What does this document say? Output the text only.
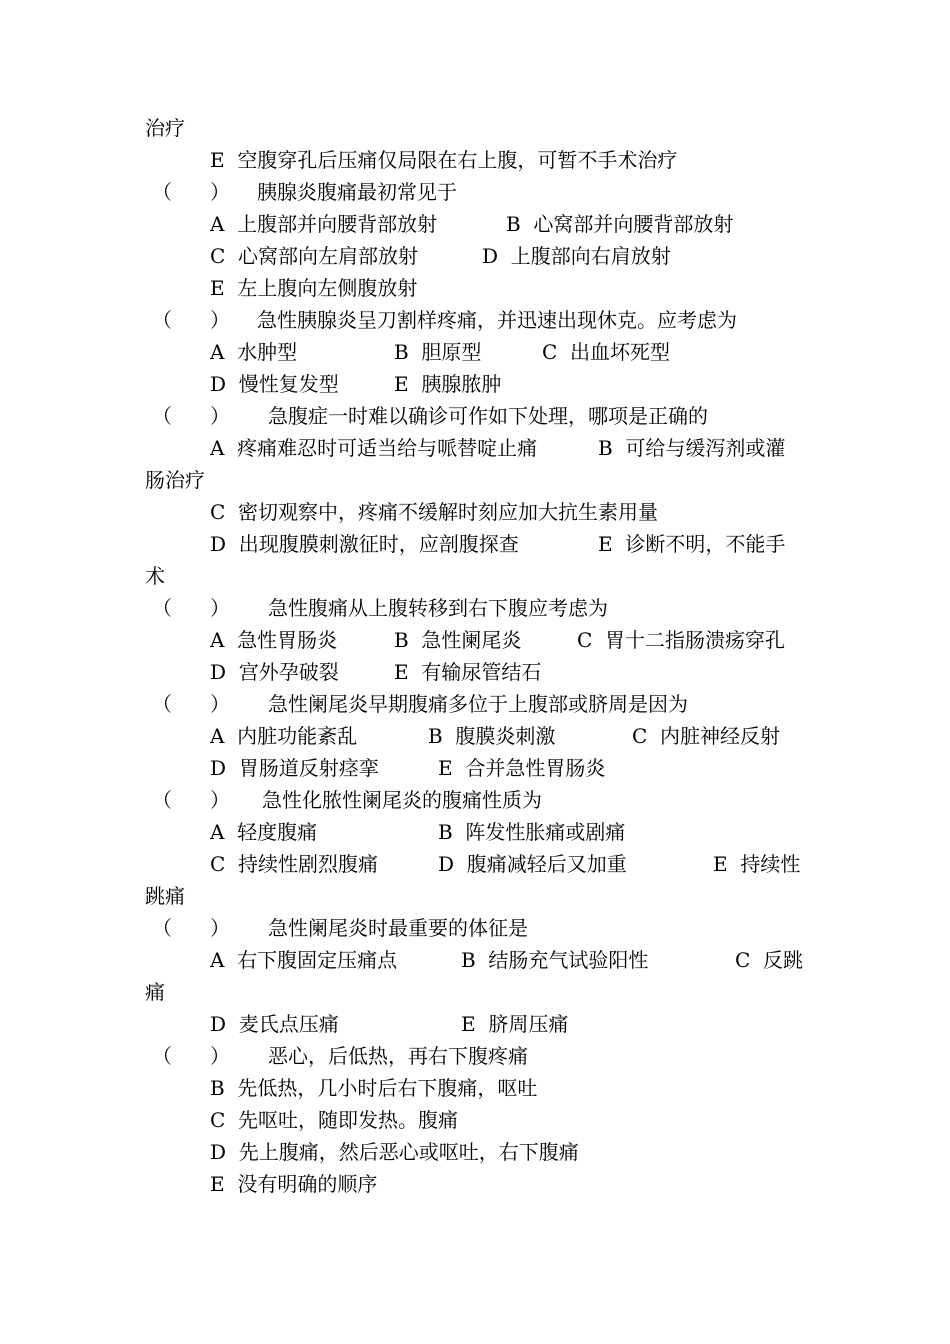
治疗
E  空腹穿孔后压痛仅局限在右上腹，可暂不手术治疗
（ ） 胰腺炎腹痛最初常见于
A  上腹部并向腰背部放射	B  心窝部并向腰背部放射
C  心窝部向左肩部放射	D  上腹部向右肩放射
E  左上腹向左侧腹放射
（ ） 急性胰腺炎呈刀割样疼痛，并迅速出现休克。应考虑为
A  水肿型	B  胆原型	C  出血坏死型
D  慢性复发型	E  胰腺脓肿
（ ） 急腹症一时难以确诊可作如下处理，哪项是正确的
A  疼痛难忍时可适当给与哌替啶止痛	B  可给与缓泻剂或灌
肠治疗
C  密切观察中，疼痛不缓解时刻应加大抗生素用量
D  出现腹膜刺激征时，应剖腹探查	E  诊断不明，不能手
术
（ ） 急性腹痛从上腹转移到右下腹应考虑为
A  急性胃肠炎	B  急性阑尾炎	C  胃十二指肠溃疡穿孔
D  宫外孕破裂	E  有输尿管结石
（ ） 急性阑尾炎早期腹痛多位于上腹部或脐周是因为
A  内脏功能紊乱	B  腹膜炎刺激	C  内脏神经反射
D  胃肠道反射痉挛	E  合并急性胃肠炎
（ ） 急性化脓性阑尾炎的腹痛性质为
A  轻度腹痛	B  阵发性胀痛或剧痛
C  持续性剧烈腹痛	D  腹痛减轻后又加重	E  持续性
跳痛
（ ） 急性阑尾炎时最重要的体征是
A  右下腹固定压痛点	B  结肠充气试验阳性	C  反跳
痛
D  麦氏点压痛	E  脐周压痛
（ ） 恶心，后低热，再右下腹疼痛
B  先低热，几小时后右下腹痛，呕吐
C  先呕吐，随即发热。腹痛
D  先上腹痛，然后恶心或呕吐，右下腹痛
E  没有明确的顺序
